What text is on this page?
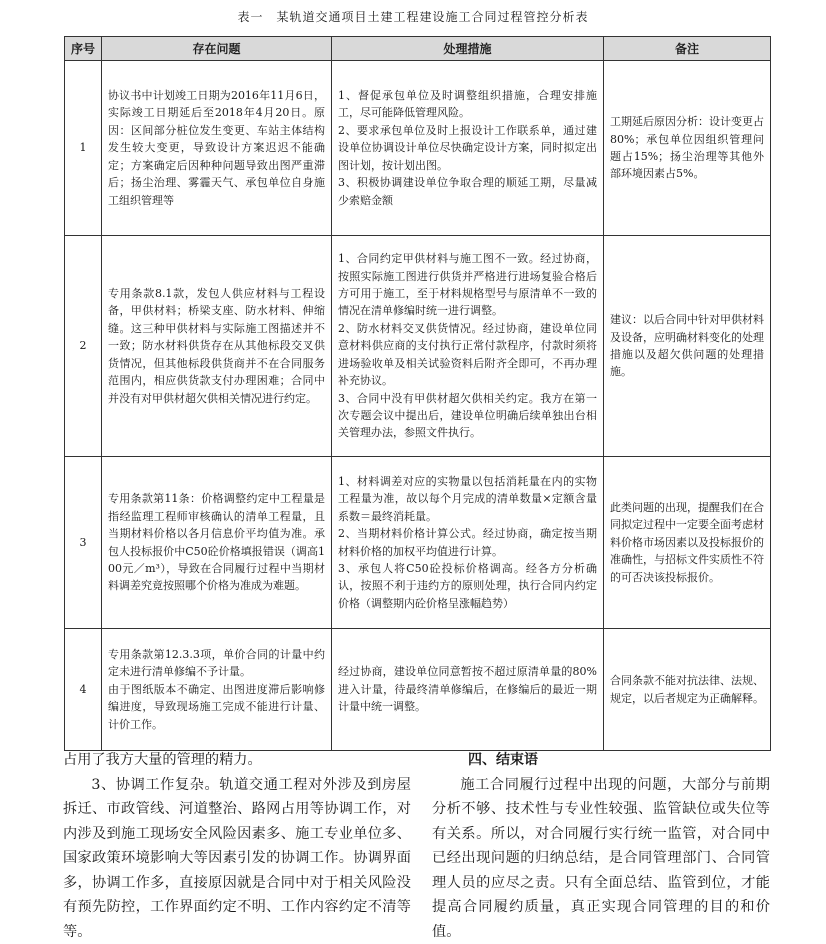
表一　某轨道交通项目土建工程建设施工合同过程管控分析表
序号	存在问题	处理措施	备注
1	协议书中计划竣工日期为2016年11月6日，实际竣工日期延后至2018年4月20日。原因：区间部分桩位发生变更、车站主体结构发生较大变更，导致设计方案迟迟不能确定；方案确定后因种种问题导致出图严重滞后；扬尘治理、雾霾天气、承包单位自身施工组织管理等	1、督促承包单位及时调整组织措施，合理安排施工，尽可能降低管理风险。
2、要求承包单位及时上报设计工作联系单，通过建设单位协调设计单位尽快确定设计方案，同时拟定出图计划，按计划出图。
3、积极协调建设单位争取合理的顺延工期，尽量减少索赔金额	工期延后原因分析：设计变更占80%；承包单位因组织管理问题占15%；扬尘治理等其他外部环境因素占5%。
2	专用条款8.1款，发包人供应材料与工程设备，甲供材料；桥梁支座、防水材料、伸缩缝。这三种甲供材料与实际施工图描述并不一致；防水材料供货存在从其他标段交叉供货情况，但其他标段供货商并不在合同服务范围内，相应供货款支付办理困难；合同中并没有对甲供材超欠供相关情况进行约定。	1、合同约定甲供材料与施工图不一致。经过协商，按照实际施工图进行供货并严格进行进场复验合格后方可用于施工，至于材料规格型号与原清单不一致的情况在清单修编时统一进行调整。
2、防水材料交叉供货情况。经过协商，建设单位同意材料供应商的支付执行正常付款程序，付款时须将进场验收单及相关试验资料后附齐全即可，不再办理补充协议。
3、合同中没有甲供材超欠供相关约定。我方在第一次专题会议中提出后，建设单位明确后续单独出台相关管理办法，参照文件执行。	建议：以后合同中针对甲供材料及设备，应明确材料变化的处理措施以及超欠供问题的处理措施。
3	专用条款第11条：价格调整约定中工程量是指经监理工程师审核确认的清单工程量，且当期材料价格以各月信息价平均值为准。承包人投标报价中C50砼价格填报错误（调高100元／m³），导致在合同履行过程中当期材料调差究竟按照哪个价格为准成为难题。	1、材料调差对应的实物量以包括消耗量在内的实物工程量为准，故以每个月完成的清单数量×定额含量系数＝最终消耗量。
2、当期材料价格计算公式。经过协商，确定按当期材料价格的加权平均值进行计算。
3、承包人将C50砼投标价格调高。经各方分析确认，按照不利于违约方的原则处理，执行合同内约定价格（调整期内砼价格呈涨幅趋势）	此类问题的出现，提醒我们在合同拟定过程中一定要全面考虑材料价格市场因素以及投标报价的准确性，与招标文件实质性不符的可否决该投标报价。
4	专用条款第12.3.3项，单价合同的计量中约定未进行清单修编不予计量。
由于图纸版本不确定、出图进度滞后影响修编进度，导致现场施工完成不能进行计量、计价工作。	经过协商，建设单位同意暂按不超过原清单量的80%进入计量，待最终清单修编后，在修编后的最近一期计量中统一调整。	合同条款不能对抗法律、法规、规定，以后者规定为正确解释。

占用了我方大量的管理的精力。

3、协调工作复杂。轨道交通工程对外涉及到房屋拆迁、市政管线、河道整治、路网占用等协调工作，对内涉及到施工现场安全风险因素多、施工专业单位多、国家政策环境影响大等因素引发的协调工作。协调界面多，协调工作多，直接原因就是合同中对于相关风险没有预先防控，工作界面约定不明、工作内容约定不清等等。

四、结束语

施工合同履行过程中出现的问题，大部分与前期分析不够、技术性与专业性较强、监管缺位或失位等有关系。所以，对合同履行实行统一监管，对合同中已经出现问题的归纳总结，是合同管理部门、合同管理人员的应尽之责。只有全面总结、监管到位，才能提高合同履约质量，真正实现合同管理的目的和价值。
